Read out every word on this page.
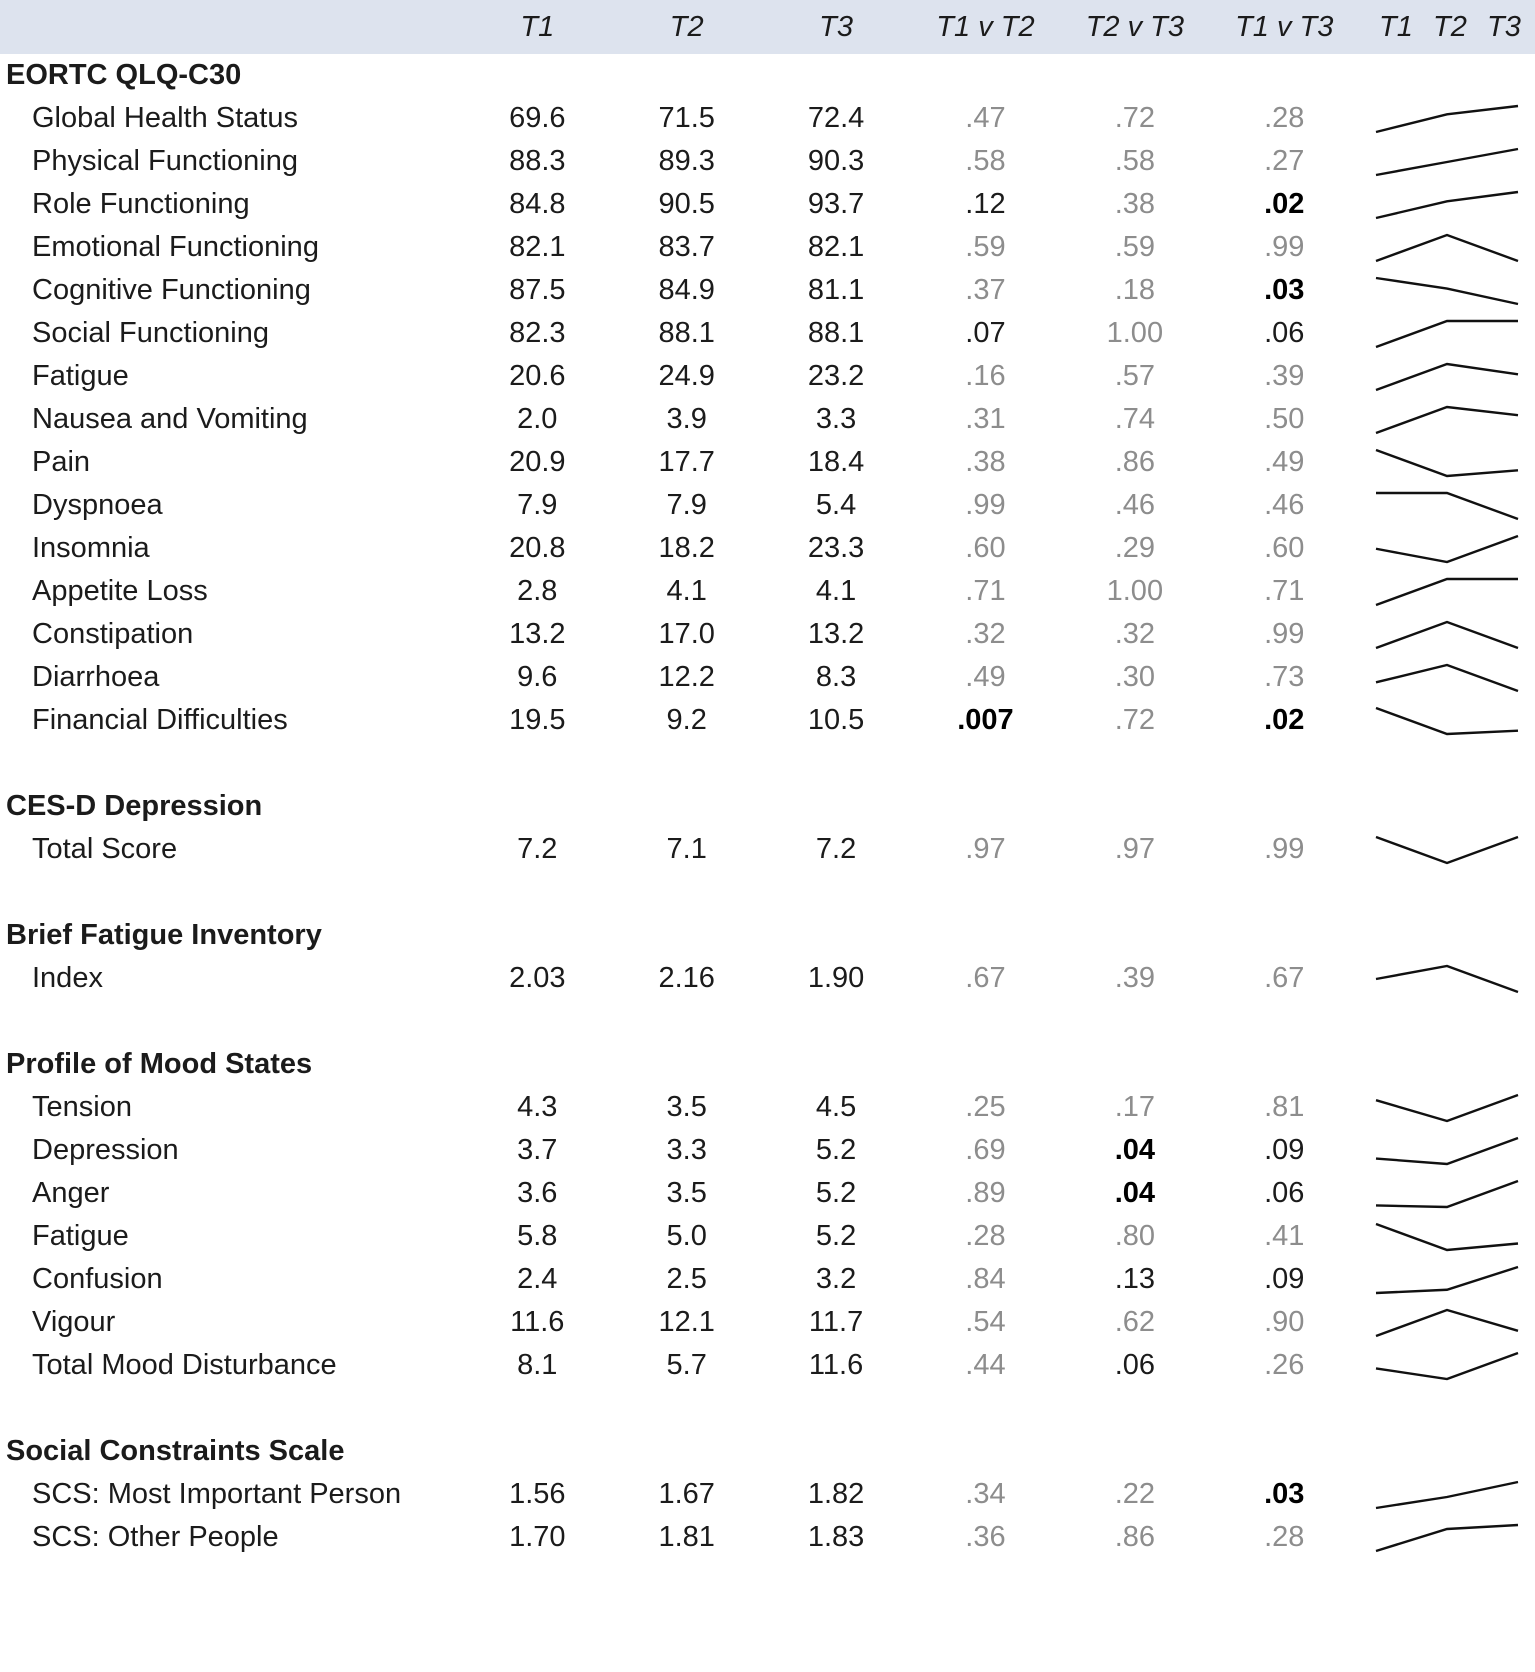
	T1	T2	T3	T1 v T2	T2 v T3	T1 v T3	T1 T2 T3

EORTC QLQ-C30							
Global Health Status	69.6	71.5	72.4	.47	.72	.28	

Physical Functioning	88.3	89.3	90.3	.58	.58	.27	

Role Functioning	84.8	90.5	93.7	.12	.38	.02	

Emotional Functioning	82.1	83.7	82.1	.59	.59	.99	

Cognitive Functioning	87.5	84.9	81.1	.37	.18	.03	

Social Functioning	82.3	88.1	88.1	.07	1.00	.06	

Fatigue	20.6	24.9	23.2	.16	.57	.39	

Nausea and Vomiting	2.0	3.9	3.3	.31	.74	.50	

Pain	20.9	17.7	18.4	.38	.86	.49	

Dyspnoea	7.9	7.9	5.4	.99	.46	.46	

Insomnia	20.8	18.2	23.3	.60	.29	.60	

Appetite Loss	2.8	4.1	4.1	.71	1.00	.71	

Constipation	13.2	17.0	13.2	.32	.32	.99	

Diarrhoea	9.6	12.2	8.3	.49	.30	.73	

Financial Difficulties	19.5	9.2	10.5	.007	.72	.02	

CES-D Depression							
Total Score	7.2	7.1	7.2	.97	.97	.99	

Brief Fatigue Inventory							
Index	2.03	2.16	1.90	.67	.39	.67	

Profile of Mood States							
Tension	4.3	3.5	4.5	.25	.17	.81	

Depression	3.7	3.3	5.2	.69	.04	.09	

Anger	3.6	3.5	5.2	.89	.04	.06	

Fatigue	5.8	5.0	5.2	.28	.80	.41	

Confusion	2.4	2.5	3.2	.84	.13	.09	

Vigour	11.6	12.1	11.7	.54	.62	.90	

Total Mood Disturbance	8.1	5.7	11.6	.44	.06	.26	

Social Constraints Scale							
SCS: Most Important Person	1.56	1.67	1.82	.34	.22	.03	

SCS: Other People	1.70	1.81	1.83	.36	.86	.28	
